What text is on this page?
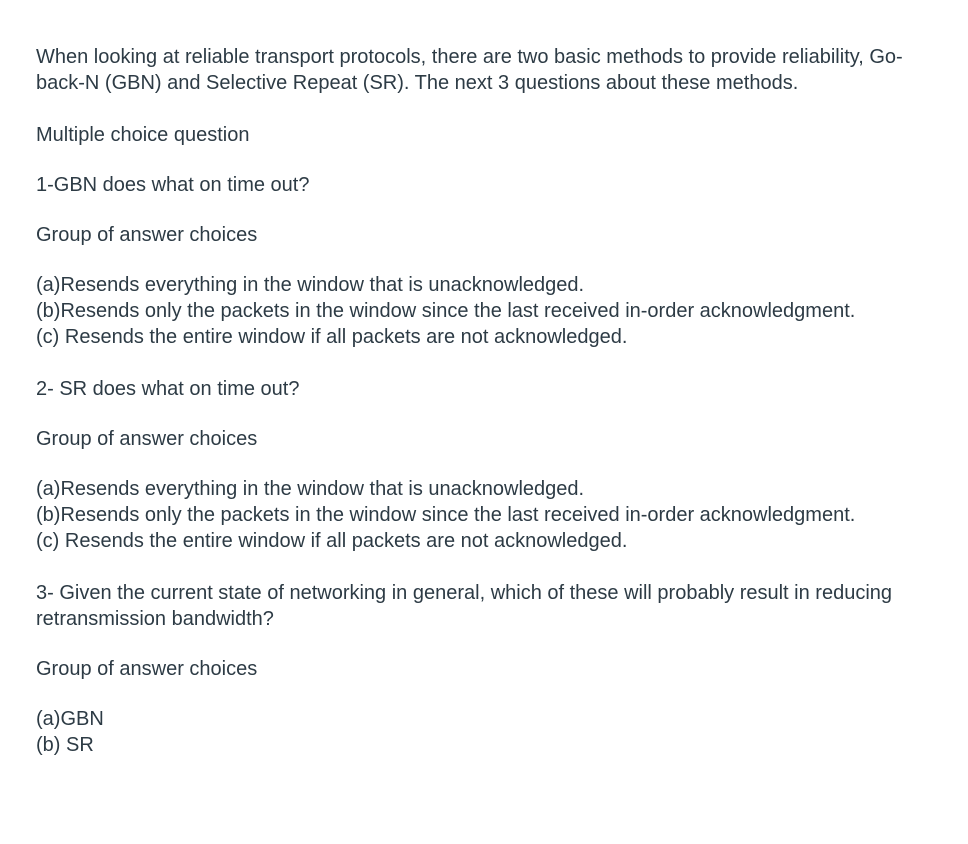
When looking at reliable transport protocols, there are two basic methods to provide reliability, Go-back-N (GBN) and Selective Repeat (SR). The next 3 questions about these methods.

Multiple choice question

1-GBN does what on time out?

Group of answer choices

(a)Resends everything in the window that is unacknowledged.

(b)Resends only the packets in the window since the last received in-order acknowledgment.

(c) Resends the entire window if all packets are not acknowledged.

2- SR does what on time out?

Group of answer choices

(a)Resends everything in the window that is unacknowledged.

(b)Resends only the packets in the window since the last received in-order acknowledgment.

(c) Resends the entire window if all packets are not acknowledged.

3- Given the current state of networking in general, which of these will probably result in reducing retransmission bandwidth?

Group of answer choices

(a)GBN

(b) SR
